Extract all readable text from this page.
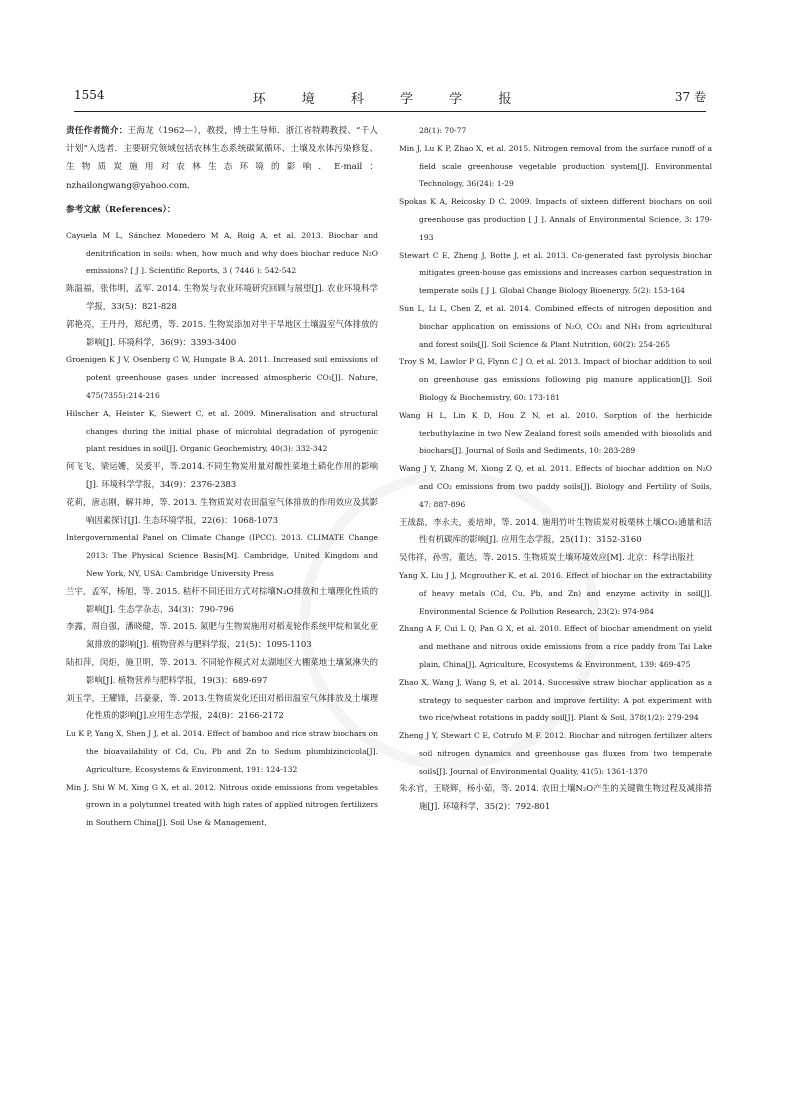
1554	环 境 科 学 学 报	37 卷

责任作者简介：王海龙（1962—），教授，博士生导师．浙江省特聘教授、“千人计划”入选者．主要研究领域包括农林生态系统碳氮循环、土壤及水体污染修复、生物质炭施用对农林生态环境的影响．E-mail：nzhailongwang@yahoo.com．

参考文献（References）：

Cayuela M L, Sánchez Monedero M A, Roig A, et al. 2013. Biochar and denitrification in soils: when, how much and why does biochar reduce N₂O emissions? [ J ]. Scientific Reports, 3 ( 7446 ): 542-542

陈温福，张伟明，孟军. 2014. 生物炭与农业环境研究回顾与展望[J]. 农业环境科学学报，33(5)：821-828

郭艳亮，王丹丹，郑纪勇，等. 2015. 生物炭添加对半干旱地区土壤温室气体排放的影响[J]. 环境科学，36(9)：3393-3400

Groenigen K J V, Osenberg C W, Hungate B A. 2011. Increased soil emissions of potent greenhouse gases under increased atmospheric CO₂[J]. Nature, 475(7355):214-216

Hilscher A, Heister K, Siewert C, et al. 2009. Mineralisation and structural changes during the initial phase of microbial degradation of pyrogenic plant residues in soil[J]. Organic Geochemistry, 40(3): 332-342

何飞飞，梁运姗，吴爱平，等.2014.不同生物炭用量对酸性菜地土硝化作用的影响[J]. 环境科学学报，34(9)：2376-2383

花莉，唐志刚，解井坤，等. 2013. 生物质炭对农田温室气体排放的作用效应及其影响因素探讨[J]. 生态环境学报，22(6)：1068-1073

Intergovernmental Panel on Climate Change (IPCC). 2013. CLIMATE Change 2013: The Physical Science Basis[M]. Cambridge, United Kingdom and New York, NY, USA: Cambridge University Press

兰宇，孟军，杨旭，等. 2015. 秸秆不同还田方式对棕壤N₂O排放和土壤理化性质的影响[J]. 生态学杂志，34(3)：790-796

李露，周自强，潘晓健，等. 2015. 氮肥与生物炭施用对稻麦轮作系统甲烷和氧化亚氮排放的影响[J]. 植物营养与肥料学报，21(5)：1095-1103

陆扣萍，闵炬，施卫明，等. 2013. 不同轮作模式对太湖地区大棚菜地土壤氮淋失的影响[J]. 植物营养与肥料学报，19(3)：689-697

刘玉学，王耀锋，吕豪豪，等. 2013.生物质炭化还田对稻田温室气体排放及土壤理化性质的影响[J].应用生态学报，24(8)：2166-2172

Lu K P, Yang X, Shen J J, et al. 2014. Effect of bamboo and rice straw biochars on the bioavailability of Cd, Cu, Pb and Zn to Sedum plumbizincicola[J]. Agriculture, Ecosystems & Environment, 191: 124-132

Min J, Shi W M, Xing G X, et al. 2012. Nitrous oxide emissions from vegetables grown in a polytunnel treated with high rates of applied nitrogen fertilizers in Southern China[J]. Soil Use & Management,

28(1): 70-77

Min J, Lu K P, Zhao X, et al. 2015. Nitrogen removal from the surface runoff of a field scale greenhouse vegetable production system[J]. Environmental Technology, 36(24): 1-29

Spokas K A, Reicosky D C. 2009. Impacts of sixteen different biochars on soil greenhouse gas production [ J ]. Annals of Environmental Science, 3: 179-193

Stewart C E, Zheng J, Botte J, et al. 2013. Co-generated fast pyrolysis biochar mitigates green-house gas emissions and increases carbon sequestration in temperate soils [ J ]. Global Change Biology Bioenergy, 5(2): 153-164

Sun L, Li L, Chen Z, et al. 2014. Combined effects of nitrogen deposition and biochar application on emissions of N₂O, CO₂ and NH₃ from agricultural and forest soils[J]. Soil Science & Plant Nutrition, 60(2): 254-265

Troy S M, Lawlor P G, Flynn C J O, et al. 2013. Impact of biochar addition to soil on greenhouse gas emissions following pig manure application[J]. Soil Biology & Biochemistry, 60: 173-181

Wang H L, Lin K D, Hou Z N, et al. 2010. Sorption of the herbicide terbuthylazine in two New Zealand forest soils amended with biosolids and biochars[J]. Journal of Soils and Sediments, 10: 283-289

Wang J Y, Zhang M, Xiong Z Q, et al. 2011. Effects of biochar addition on N₂O and CO₂ emissions from two paddy soils[J]. Biology and Fertility of Soils, 47: 887-896

王战磊，李永夫，姜培坤，等. 2014. 施用竹叶生物质炭对板栗林土壤CO₂通量和活性有机碳库的影响[J]. 应用生态学报，25(11)：3152-3160

吴伟祥，孙雪，董达，等. 2015. 生物质炭土壤环境效应[M]. 北京：科学出版社

Yang X, Liu J J, Mcgrouther K, et al. 2016. Effect of biochar on the extractability of heavy metals (Cd, Cu, Pb, and Zn) and enzyme activity in soil[J]. Environmental Science & Pollution Research, 23(2): 974-984

Zhang A F, Cui L Q, Pan G X, et al. 2010. Effect of biochar amendment on yield and methane and nitrous oxide emissions from a rice paddy from Tai Lake plain, China[J]. Agriculture, Ecosystems & Environment, 139: 469-475

Zhao X, Wang J, Wang S, et al. 2014. Successive straw biochar application as a strategy to sequester carbon and improve fertility: A pot experiment with two rice/wheat rotations in paddy soil[J]. Plant & Soil, 378(1/2): 279-294

Zheng J Y, Stewart C E, Cotrufo M F. 2012. Biochar and nitrogen fertilizer alters soil nitrogen dynamics and greenhouse gas fluxes from two temperate soils[J]. Journal of Environmental Quality, 41(5): 1361-1370

朱永官，王晓辉，杨小茹，等. 2014. 农田土壤N₂O产生的关键微生物过程及减排措施[J]. 环境科学，35(2)：792-801
